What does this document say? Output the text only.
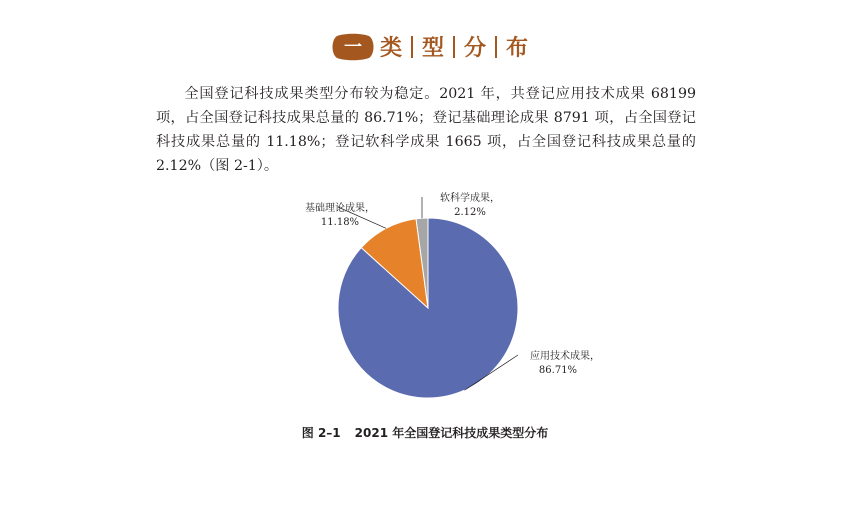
一 类 型 分 布

全国登记科技成果类型分布较为稳定。2021 年，共登记应用技术成果 68199 项，占全国登记科技成果总量的 86.71%；登记基础理论成果 8791 项，占全国登记科技成果总量的 11.18%；登记软科学成果 1665 项，占全国登记科技成果总量的 2.12%（图 2-1）。

应用技术成果，
86.71%
基础理论成果，
11.18%
软科学成果，
2.12%
图 2–1 2021 年全国登记科技成果类型分布
